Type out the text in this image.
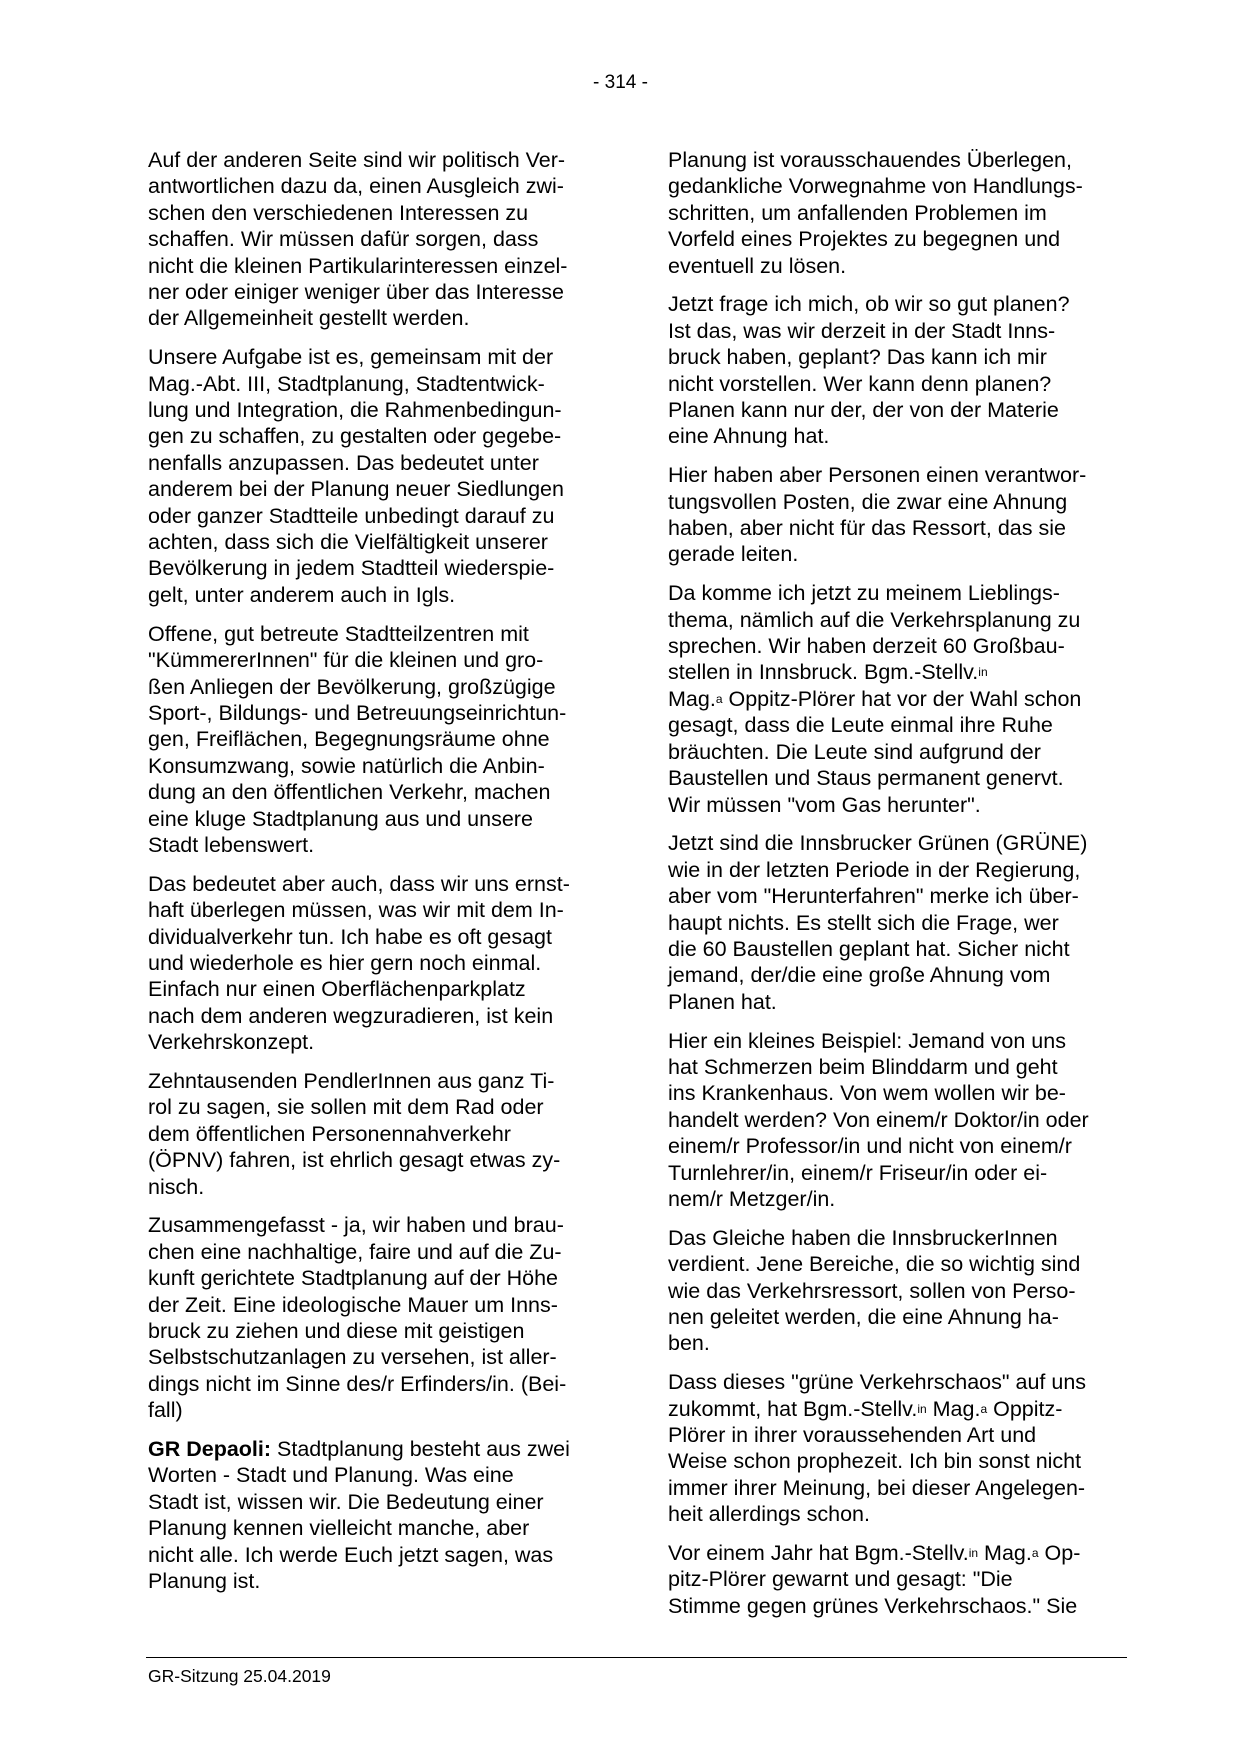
- 314 -

Auf der anderen Seite sind wir politisch Ver-
antwortlichen dazu da, einen Ausgleich zwi-
schen den verschiedenen Interessen zu
schaffen. Wir müssen dafür sorgen, dass
nicht die kleinen Partikularinteressen einzel-
ner oder einiger weniger über das Interesse
der Allgemeinheit gestellt werden.

Unsere Aufgabe ist es, gemeinsam mit der
Mag.-Abt. III, Stadtplanung, Stadtentwick-
lung und Integration, die Rahmenbedingun-
gen zu schaffen, zu gestalten oder gegebe-
nenfalls anzupassen. Das bedeutet unter
anderem bei der Planung neuer Siedlungen
oder ganzer Stadtteile unbedingt darauf zu
achten, dass sich die Vielfältigkeit unserer
Bevölkerung in jedem Stadtteil wiederspie-
gelt, unter anderem auch in Igls.

Offene, gut betreute Stadtteilzentren mit
"KümmererInnen" für die kleinen und gro-
ßen Anliegen der Bevölkerung, großzügige
Sport-, Bildungs- und Betreuungseinrichtun-
gen, Freiflächen, Begegnungsräume ohne
Konsumzwang, sowie natürlich die Anbin-
dung an den öffentlichen Verkehr, machen
eine kluge Stadtplanung aus und unsere
Stadt lebenswert.

Das bedeutet aber auch, dass wir uns ernst-
haft überlegen müssen, was wir mit dem In-
dividualverkehr tun. Ich habe es oft gesagt
und wiederhole es hier gern noch einmal.
Einfach nur einen Oberflächenparkplatz
nach dem anderen wegzuradieren, ist kein
Verkehrskonzept.

Zehntausenden PendlerInnen aus ganz Ti-
rol zu sagen, sie sollen mit dem Rad oder
dem öffentlichen Personennahverkehr
(ÖPNV) fahren, ist ehrlich gesagt etwas zy-
nisch.

Zusammengefasst - ja, wir haben und brau-
chen eine nachhaltige, faire und auf die Zu-
kunft gerichtete Stadtplanung auf der Höhe
der Zeit. Eine ideologische Mauer um Inns-
bruck zu ziehen und diese mit geistigen
Selbstschutzanlagen zu versehen, ist aller-
dings nicht im Sinne des/r Erfinders/in. (Bei-
fall)

GR Depaoli: Stadtplanung besteht aus zwei
Worten - Stadt und Planung. Was eine
Stadt ist, wissen wir. Die Bedeutung einer
Planung kennen vielleicht manche, aber
nicht alle. Ich werde Euch jetzt sagen, was
Planung ist.

Planung ist vorausschauendes Überlegen,
gedankliche Vorwegnahme von Handlungs-
schritten, um anfallenden Problemen im
Vorfeld eines Projektes zu begegnen und
eventuell zu lösen.

Jetzt frage ich mich, ob wir so gut planen?
Ist das, was wir derzeit in der Stadt Inns-
bruck haben, geplant? Das kann ich mir
nicht vorstellen. Wer kann denn planen?
Planen kann nur der, der von der Materie
eine Ahnung hat.

Hier haben aber Personen einen verantwor-
tungsvollen Posten, die zwar eine Ahnung
haben, aber nicht für das Ressort, das sie
gerade leiten.

Da komme ich jetzt zu meinem Lieblings-
thema, nämlich auf die Verkehrsplanung zu
sprechen. Wir haben derzeit 60 Großbau-
stellen in Innsbruck. Bgm.-Stellv.$^{in}$
Mag.$^a$ Oppitz-Plörer hat vor der Wahl schon
gesagt, dass die Leute einmal ihre Ruhe
bräuchten. Die Leute sind aufgrund der
Baustellen und Staus permanent genervt.
Wir müssen "vom Gas herunter".

Jetzt sind die Innsbrucker Grünen (GRÜNE)
wie in der letzten Periode in der Regierung,
aber vom "Herunterfahren" merke ich über-
haupt nichts. Es stellt sich die Frage, wer
die 60 Baustellen geplant hat. Sicher nicht
jemand, der/die eine große Ahnung vom
Planen hat.

Hier ein kleines Beispiel: Jemand von uns
hat Schmerzen beim Blinddarm und geht
ins Krankenhaus. Von wem wollen wir be-
handelt werden? Von einem/r Doktor/in oder
einem/r Professor/in und nicht von einem/r
Turnlehrer/in, einem/r Friseur/in oder ei-
nem/r Metzger/in.

Das Gleiche haben die InnsbruckerInnen
verdient. Jene Bereiche, die so wichtig sind
wie das Verkehrsressort, sollen von Perso-
nen geleitet werden, die eine Ahnung ha-
ben.

Dass dieses "grüne Verkehrschaos" auf uns
zukommt, hat Bgm.-Stellv.$^{in}$ Mag.$^a$ Oppitz-
Plörer in ihrer voraussehenden Art und
Weise schon prophezeit. Ich bin sonst nicht
immer ihrer Meinung, bei dieser Angelegen-
heit allerdings schon.

Vor einem Jahr hat Bgm.-Stellv.$^{in}$ Mag.$^a$ Op-
pitz-Plörer gewarnt und gesagt: "Die
Stimme gegen grünes Verkehrschaos." Sie

GR-Sitzung 25.04.2019
